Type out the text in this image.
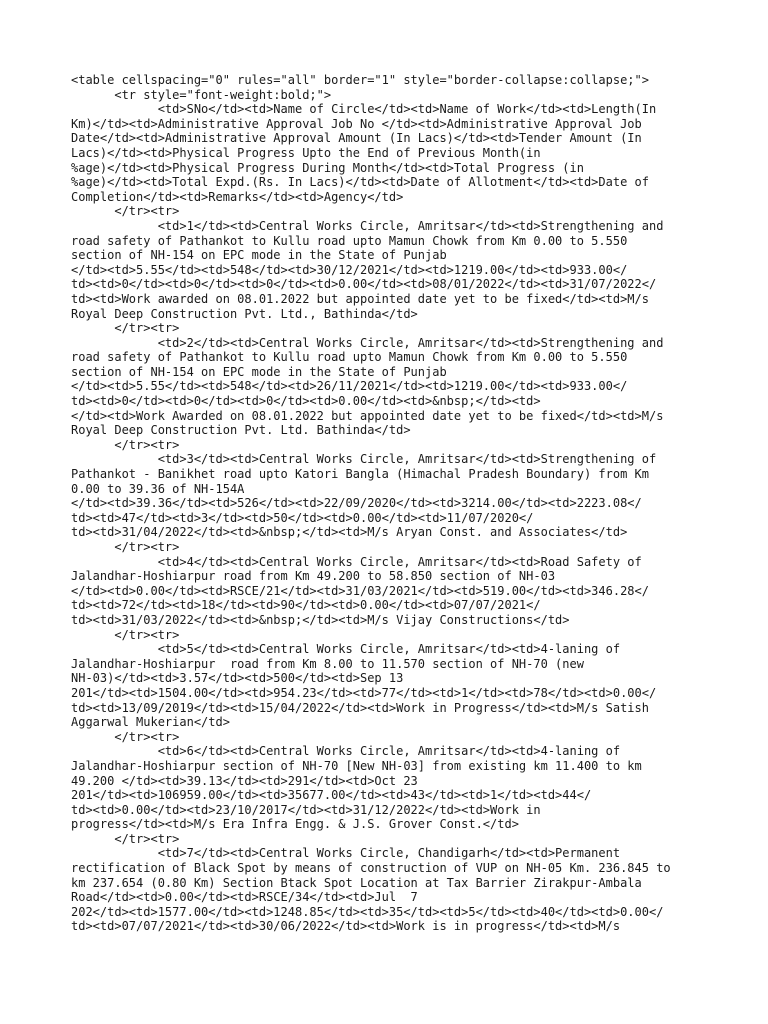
<table cellspacing="0" rules="all" border="1" style="border-collapse:collapse;">
<tr style="font-weight:bold;">
<td>SNo</td><td>Name of Circle</td><td>Name of Work</td><td>Length(In
Km)</td><td>Administrative Approval Job No </td><td>Administrative Approval Job
Date</td><td>Administrative Approval Amount (In Lacs)</td><td>Tender Amount (In
Lacs)</td><td>Physical Progress Upto the End of Previous Month(in
%age)</td><td>Physical Progress During Month</td><td>Total Progress (in
%age)</td><td>Total Expd.(Rs. In Lacs)</td><td>Date of Allotment</td><td>Date of
Completion</td><td>Remarks</td><td>Agency</td>
</tr><tr>
<td>1</td><td>Central Works Circle, Amritsar</td><td>Strengthening and
road safety of Pathankot to Kullu road upto Mamun Chowk from Km 0.00 to 5.550
section of NH-154 on EPC mode in the State of Punjab
</td><td>5.55</td><td>548</td><td>30/12/2021</td><td>1219.00</td><td>933.00</
td><td>0</td><td>0</td><td>0</td><td>0.00</td><td>08/01/2022</td><td>31/07/2022</
td><td>Work awarded on 08.01.2022 but appointed date yet to be fixed</td><td>M/s
Royal Deep Construction Pvt. Ltd., Bathinda</td>
</tr><tr>
<td>2</td><td>Central Works Circle, Amritsar</td><td>Strengthening and
road safety of Pathankot to Kullu road upto Mamun Chowk from Km 0.00 to 5.550
section of NH-154 on EPC mode in the State of Punjab
</td><td>5.55</td><td>548</td><td>26/11/2021</td><td>1219.00</td><td>933.00</
td><td>0</td><td>0</td><td>0</td><td>0.00</td><td>&nbsp;</td><td>
</td><td>Work Awarded on 08.01.2022 but appointed date yet to be fixed</td><td>M/s
Royal Deep Construction Pvt. Ltd. Bathinda</td>
</tr><tr>
<td>3</td><td>Central Works Circle, Amritsar</td><td>Strengthening of
Pathankot - Banikhet road upto Katori Bangla (Himachal Pradesh Boundary) from Km
0.00 to 39.36 of NH-154A
</td><td>39.36</td><td>526</td><td>22/09/2020</td><td>3214.00</td><td>2223.08</
td><td>47</td><td>3</td><td>50</td><td>0.00</td><td>11/07/2020</
td><td>31/04/2022</td><td>&nbsp;</td><td>M/s Aryan Const. and Associates</td>
</tr><tr>
<td>4</td><td>Central Works Circle, Amritsar</td><td>Road Safety of
Jalandhar-Hoshiarpur road from Km 49.200 to 58.850 section of NH-03
</td><td>0.00</td><td>RSCE/21</td><td>31/03/2021</td><td>519.00</td><td>346.28</
td><td>72</td><td>18</td><td>90</td><td>0.00</td><td>07/07/2021</
td><td>31/03/2022</td><td>&nbsp;</td><td>M/s Vijay Constructions</td>
</tr><tr>
<td>5</td><td>Central Works Circle, Amritsar</td><td>4-laning of
Jalandhar-Hoshiarpur  road from Km 8.00 to 11.570 section of NH-70 (new
NH-03)</td><td>3.57</td><td>500</td><td>Sep 13
201</td><td>1504.00</td><td>954.23</td><td>77</td><td>1</td><td>78</td><td>0.00</
td><td>13/09/2019</td><td>15/04/2022</td><td>Work in Progress</td><td>M/s Satish
Aggarwal Mukerian</td>
</tr><tr>
<td>6</td><td>Central Works Circle, Amritsar</td><td>4-laning of
Jalandhar-Hoshiarpur section of NH-70 [New NH-03] from existing km 11.400 to km
49.200 </td><td>39.13</td><td>291</td><td>Oct 23
201</td><td>106959.00</td><td>35677.00</td><td>43</td><td>1</td><td>44</
td><td>0.00</td><td>23/10/2017</td><td>31/12/2022</td><td>Work in
progress</td><td>M/s Era Infra Engg. & J.S. Grover Const.</td>
</tr><tr>
<td>7</td><td>Central Works Circle, Chandigarh</td><td>Permanent
rectification of Black Spot by means of construction of VUP on NH-05 Km. 236.845 to
km 237.654 (0.80 Km) Section Btack Spot Location at Tax Barrier Zirakpur-Ambala
Road</td><td>0.00</td><td>RSCE/34</td><td>Jul  7
202</td><td>1577.00</td><td>1248.85</td><td>35</td><td>5</td><td>40</td><td>0.00</
td><td>07/07/2021</td><td>30/06/2022</td><td>Work is in progress</td><td>M/s
